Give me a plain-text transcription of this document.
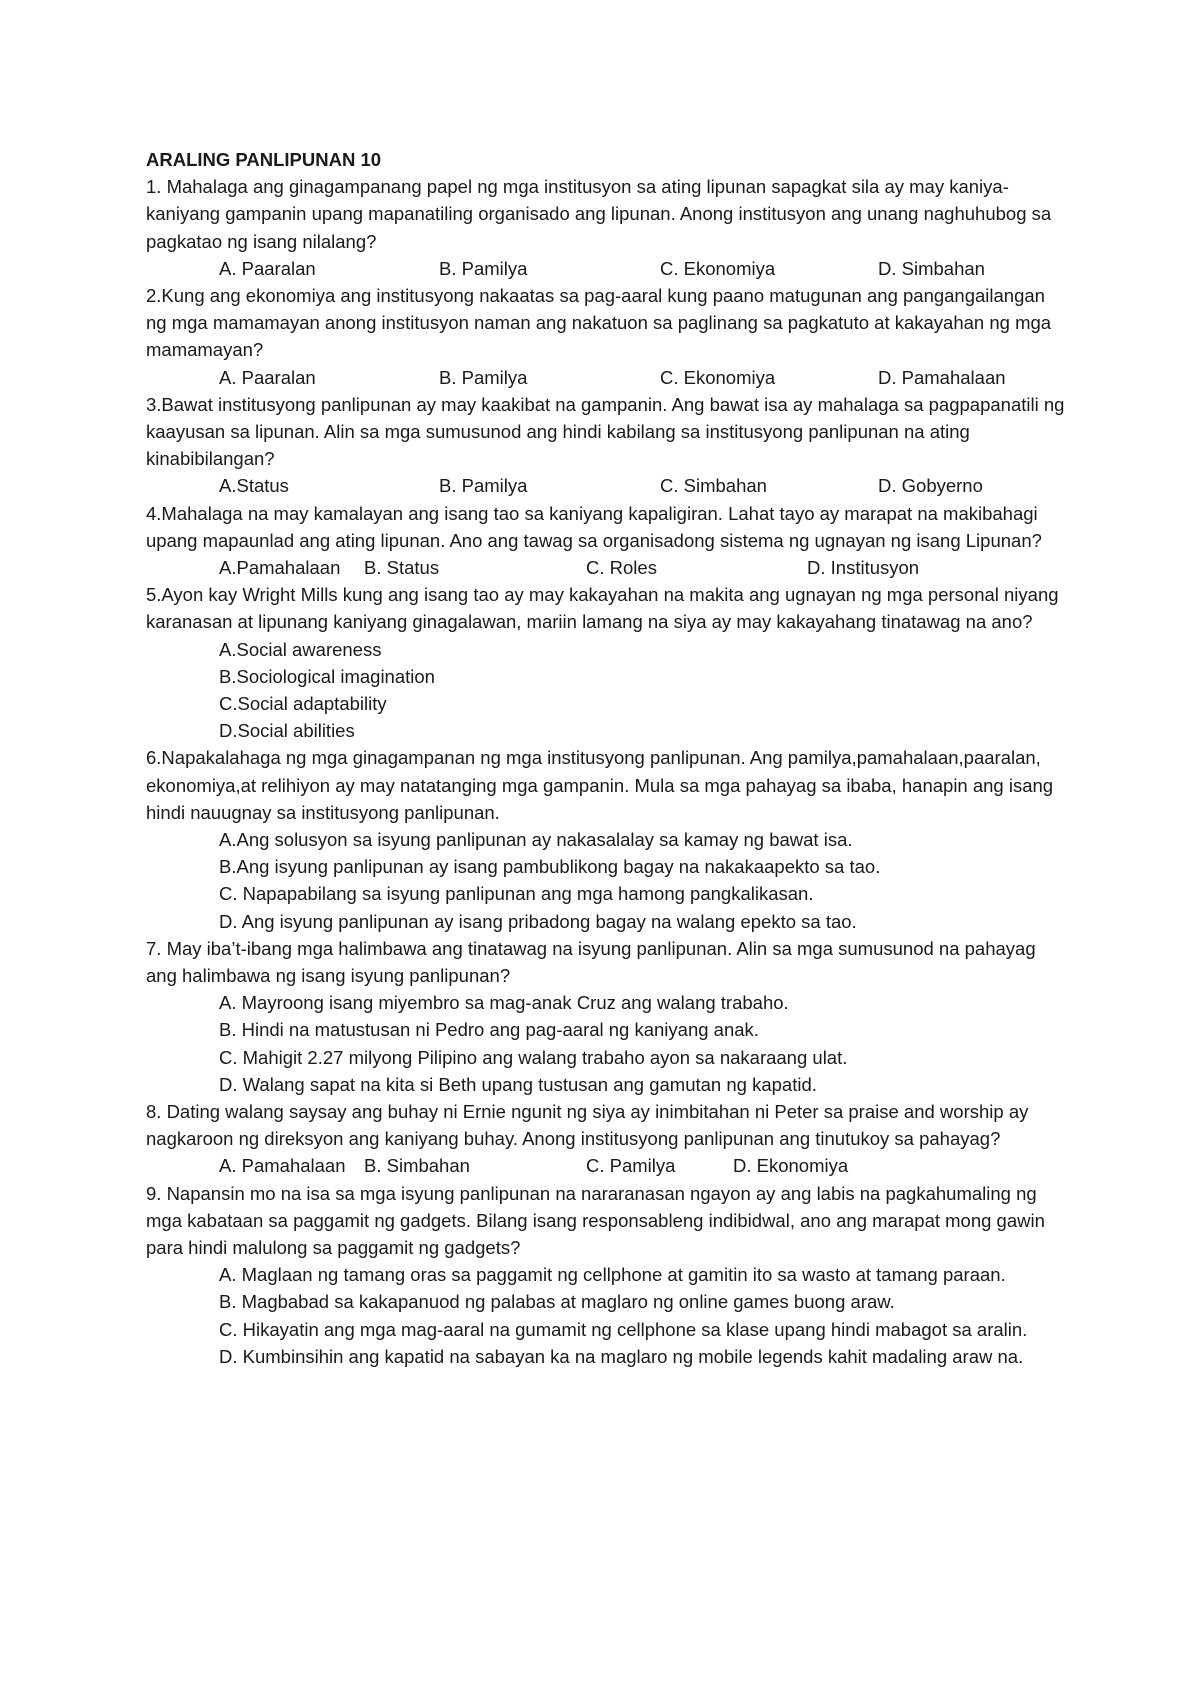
ARALING PANLIPUNAN 10

1. Mahalaga ang ginagampanang papel ng mga institusyon sa ating lipunan sapagkat sila ay may kaniya-kaniyang gampanin upang mapanatiling organisado ang lipunan. Anong institusyon ang unang naghuhubog sa pagkatao ng isang nilalang?

A. Paaralan	B. Pamilya	C. Ekonomiya	D. Simbahan

2.Kung ang ekonomiya ang institusyong nakaatas sa pag-aaral kung paano matugunan ang pangangailangan ng mga mamamayan anong institusyon naman ang nakatuon sa paglinang sa pagkatuto at kakayahan ng mga mamamayan?

A. Paaralan	B. Pamilya	C. Ekonomiya	D. Pamahalaan

3.Bawat institusyong panlipunan ay may kaakibat na gampanin. Ang bawat isa ay mahalaga sa pagpapanatili ng kaayusan sa lipunan. Alin sa mga sumusunod ang hindi kabilang sa institusyong panlipunan na ating kinabibilangan?

A.Status	B. Pamilya	C. Simbahan	D. Gobyerno

4.Mahalaga na may kamalayan ang isang tao sa kaniyang kapaligiran. Lahat tayo ay marapat na makibahagi upang mapaunlad ang ating lipunan. Ano ang tawag sa organisadong sistema ng ugnayan ng isang Lipunan?

A.Pamahalaan B. Status	C. Roles	D. Institusyon

5.Ayon kay Wright Mills kung ang isang tao ay may kakayahan na makita ang ugnayan ng mga personal niyang karanasan at lipunang kaniyang ginagalawan, mariin lamang na siya ay may kakayahang tinatawag na ano?

A.Social awareness

B.Sociological imagination

C.Social adaptability

D.Social abilities

6.Napakalahaga ng mga ginagampanan ng mga institusyong panlipunan. Ang pamilya,pamahalaan,paaralan, ekonomiya,at relihiyon ay may natatanging mga gampanin. Mula sa mga pahayag sa ibaba, hanapin ang isang hindi nauugnay sa institusyong panlipunan.

A.Ang solusyon sa isyung panlipunan ay nakasalalay sa kamay ng bawat isa.

B.Ang isyung panlipunan ay isang pambublikong bagay na nakakaapekto sa tao.

C. Napapabilang sa isyung panlipunan ang mga hamong pangkalikasan.

D. Ang isyung panlipunan ay isang pribadong bagay na walang epekto sa tao.

7. May iba’t-ibang mga halimbawa ang tinatawag na isyung panlipunan. Alin sa mga sumusunod na pahayag ang halimbawa ng isang isyung panlipunan?

A. Mayroong isang miyembro sa mag-anak Cruz ang walang trabaho.

B. Hindi na matustusan ni Pedro ang pag-aaral ng kaniyang anak.

C. Mahigit 2.27 milyong Pilipino ang walang trabaho ayon sa nakaraang ulat.

D. Walang sapat na kita si Beth upang tustusan ang gamutan ng kapatid.

8. Dating walang saysay ang buhay ni Ernie ngunit ng siya ay inimbitahan ni Peter sa praise and worship ay nagkaroon ng direksyon ang kaniyang buhay. Anong institusyong panlipunan ang tinutukoy sa pahayag?

A. Pamahalaan B. Simbahan	C. Pamilya	D. Ekonomiya

9. Napansin mo na isa sa mga isyung panlipunan na nararanasan ngayon ay ang labis na pagkahumaling ng mga kabataan sa paggamit ng gadgets. Bilang isang responsableng indibidwal, ano ang marapat mong gawin para hindi malulong sa paggamit ng gadgets?

A. Maglaan ng tamang oras sa paggamit ng cellphone at gamitin ito sa wasto at tamang paraan.

B. Magbabad sa kakapanuod ng palabas at maglaro ng online games buong araw.

C. Hikayatin ang mga mag-aaral na gumamit ng cellphone sa klase upang hindi mabagot sa aralin.

D. Kumbinsihin ang kapatid na sabayan ka na maglaro ng mobile legends kahit madaling araw na.
